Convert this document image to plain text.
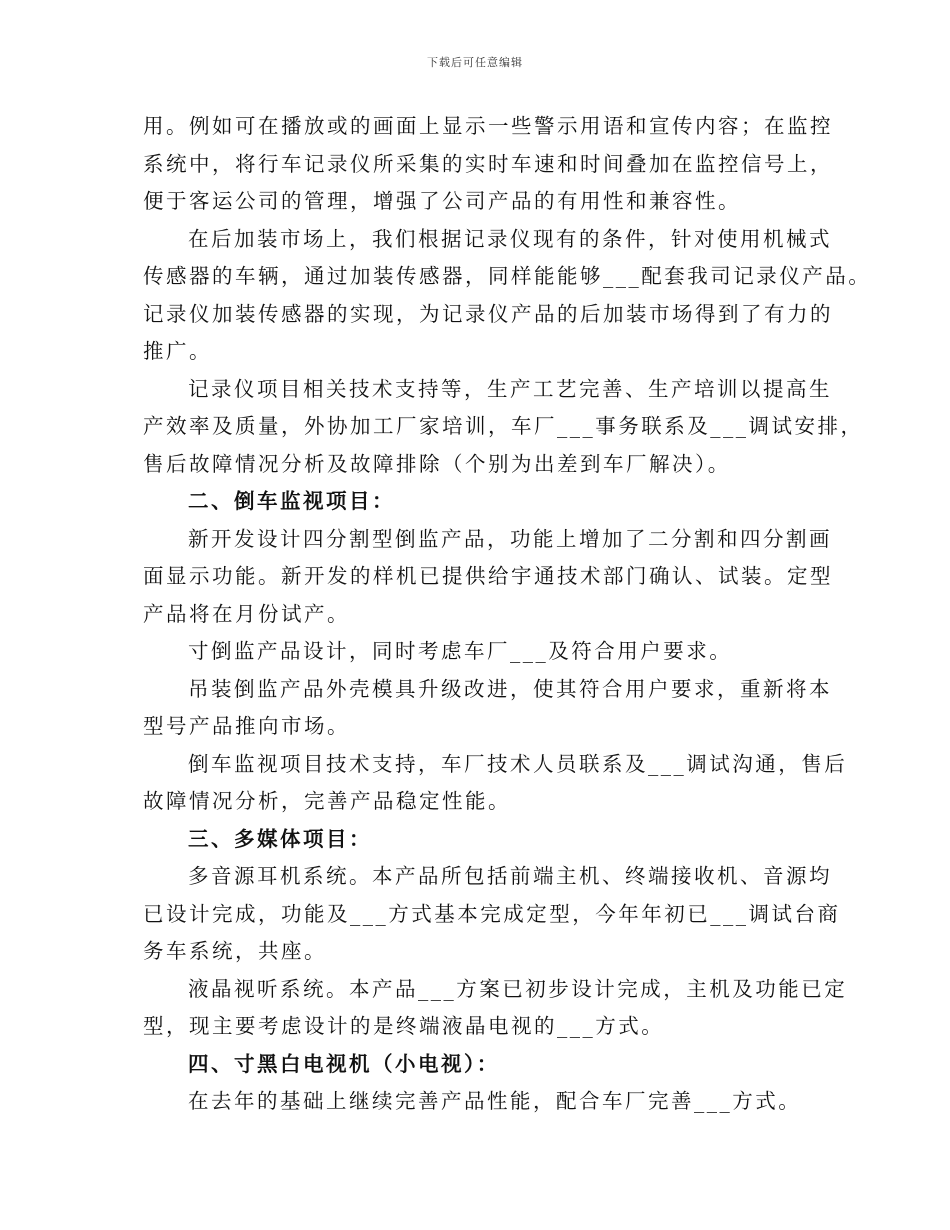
下载后可任意编辑
用。例如可在播放或的画面上显示一些警示用语和宣传内容；在监控
系统中，将行车记录仪所采集的实时车速和时间叠加在监控信号上，
便于客运公司的管理，增强了公司产品的有用性和兼容性。
在后加装市场上，我们根据记录仪现有的条件，针对使用机械式
传感器的车辆，通过加装传感器，同样能能够___配套我司记录仪产品。
记录仪加装传感器的实现，为记录仪产品的后加装市场得到了有力的
推广。
记录仪项目相关技术支持等，生产工艺完善、生产培训以提高生
产效率及质量，外协加工厂家培训，车厂___事务联系及___调试安排，
售后故障情况分析及故障排除（个别为出差到车厂解决）。
二、倒车监视项目：
新开发设计四分割型倒监产品，功能上增加了二分割和四分割画
面显示功能。新开发的样机已提供给宇通技术部门确认、试装。定型
产品将在月份试产。
寸倒监产品设计，同时考虑车厂___及符合用户要求。
吊装倒监产品外壳模具升级改进，使其符合用户要求，重新将本
型号产品推向市场。
倒车监视项目技术支持，车厂技术人员联系及___调试沟通，售后
故障情况分析，完善产品稳定性能。
三、多媒体项目：
多音源耳机系统。本产品所包括前端主机、终端接收机、音源均
已设计完成，功能及___方式基本完成定型，今年年初已___调试台商
务车系统，共座。
液晶视听系统。本产品___方案已初步设计完成，主机及功能已定
型，现主要考虑设计的是终端液晶电视的___方式。
四、寸黑白电视机（小电视）：
在去年的基础上继续完善产品性能，配合车厂完善___方式。
